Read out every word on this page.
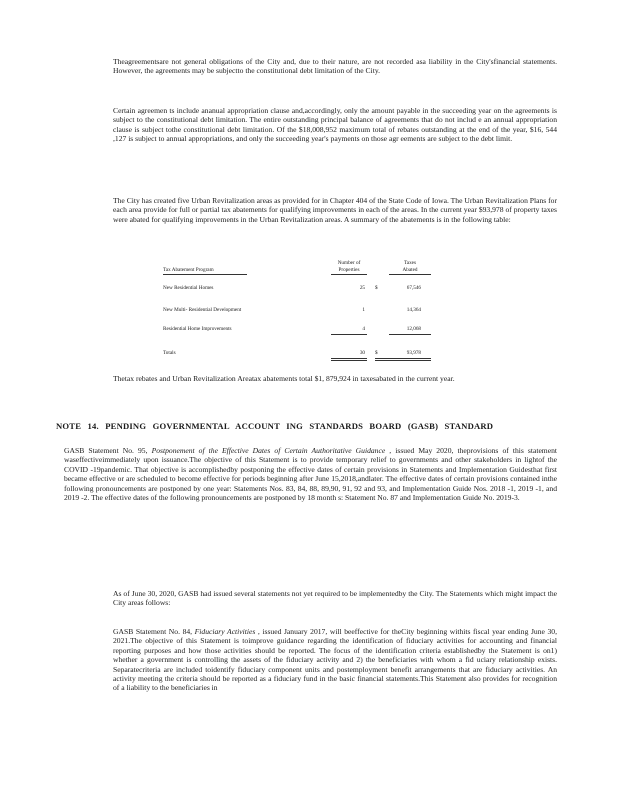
Theagreementsare not general obligations of the City and, due to their nature, are not recorded asa liability in the City'sfinancial statements. However, the agreements may be subjectto the constitutional debt limitation of the City.

Certain agreemen ts include ananual appropriation clause and,accordingly, only the amount payable in the succeeding year on the agreements is subject to the constitutional debt limitation. The entire outstanding principal balance of agreements that do not includ e an annual appropriation clause is subject tothe constitutional debt limitation. Of the $18,008,952 maximum total of rebates outstanding at the end of the year, $16, 544 ,127 is subject to annual appropriations, and only the succeeding year's payments on those agr eements are subject to the debt limit.

The City has created five Urban Revitalization areas as provided for in Chapter 404 of the State Code of Iowa. The Urban Revitalization Plans for each area provide for full or partial tax abatements for qualifying improvements in each of the areas. In the current year $93,978 of property taxes were abated for qualifying improvements in the Urban Revitalization areas. A summary of the abatements is in the following table:

Number of	Taxes
Tax Abatement Program	Properties	Abated
New Residential Homes	25 $	67,546
New Multi- Residential Development	1	14,364
Residential Home Improvements	4	12,068
Totals	30 $	93,978

Thetax rebates and Urban Revitalization Areatax abatements total $1, 879,924 in taxesabated in the current year.

NOTE 14. PENDING GOVERNMENTAL ACCOUNT ING STANDARDS BOARD (GASB) STANDARD

GASB Statement No. 95, Postponement of the Effective Dates of Certain Authoritative Guidance , issued May 2020, theprovisions of this statement waseffectiveimmediately upon issuance.The objective of this Statement is to provide temporary relief to governments and other stakeholders in lightof the COVID -19pandemic. That objective is accomplishedby postponing the effective dates of certain provisions in Statements and Implementation Guidesthat first became effective or are scheduled to become effective for periods beginning after June 15,2018,andlater. The effective dates of certain provisions contained inthe following pronouncements are postponed by one year: Statements Nos. 83, 84, 88, 89,90, 91, 92 and 93, and Implementation Guide Nos. 2018 -1, 2019 -1, and 2019 -2. The effective dates of the following pronouncements are postponed by 18 month s: Statement No. 87 and Implementation Guide No. 2019-3.

As of June 30, 2020, GASB had issued several statements not yet required to be implementedby the City. The Statements which might impact the City areas follows:

GASB Statement No. 84, Fiduciary Activities , issued January 2017, will beeffective for theCity beginning withits fiscal year ending June 30, 2021.The objective of this Statement is toimprove guidance regarding the identification of fiduciary activities for accounting and financial reporting purposes and how those activities should be reported. The focus of the identification criteria establishedby the Statement is on1) whether a government is controlling the assets of the fiduciary activity and 2) the beneficiaries with whom a fid uciary relationship exists. Separatecriteria are included toidentify fiduciary component units and postemployment benefit arrangements that are fiduciary activities. An activity meeting the criteria should be reported as a fiduciary fund in the basic financial statements.This Statement also provides for recognition of a liability to the beneficiaries in
